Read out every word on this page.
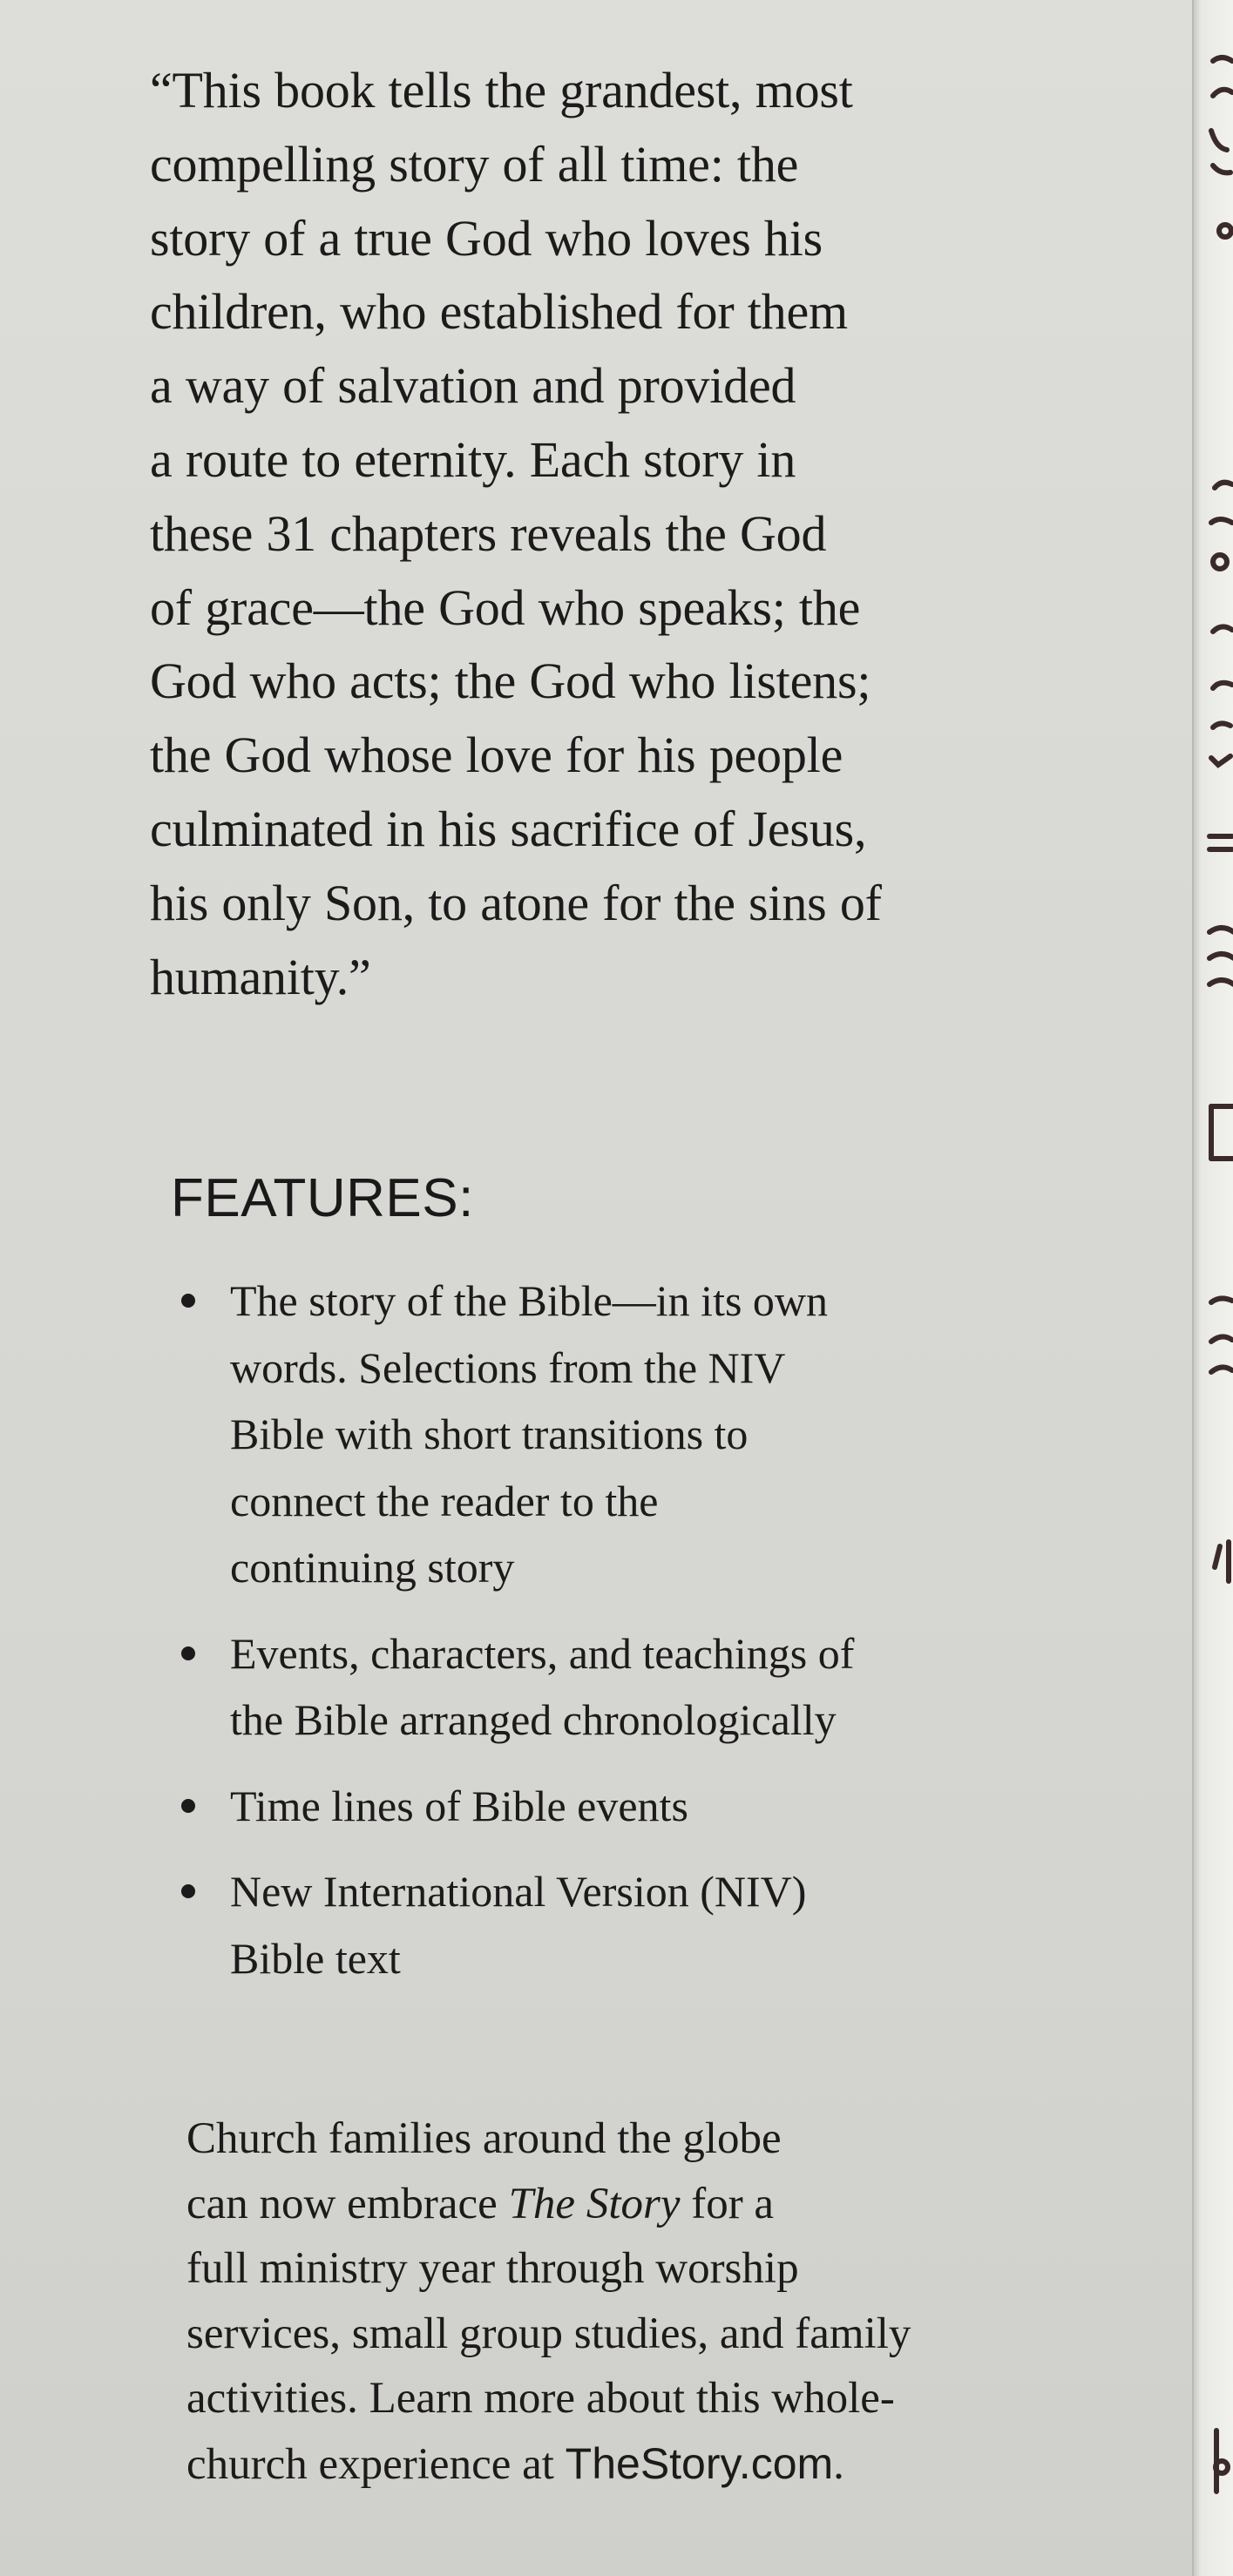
“This book tells the grandest, most
compelling story of all time: the
story of a true God who loves his
children, who established for them
a way of salvation and provided
a route to eternity. Each story in
these 31 chapters reveals the God
of grace—the God who speaks; the
God who acts; the God who listens;
the God whose love for his people
culminated in his sacrifice of Jesus,
his only Son, to atone for the sins of
humanity.”

FEATURES:
The story of the Bible—in its own
words. Selections from the NIV
Bible with short transitions to
connect the reader to the
continuing story
Events, characters, and teachings of
the Bible arranged chronologically
Time lines of Bible events
New International Version (NIV)
Bible text

Church families around the globe
can now embrace The Story for a
full ministry year through worship
services, small group studies, and family
activities. Learn more about this whole-
church experience at TheStory.com.
